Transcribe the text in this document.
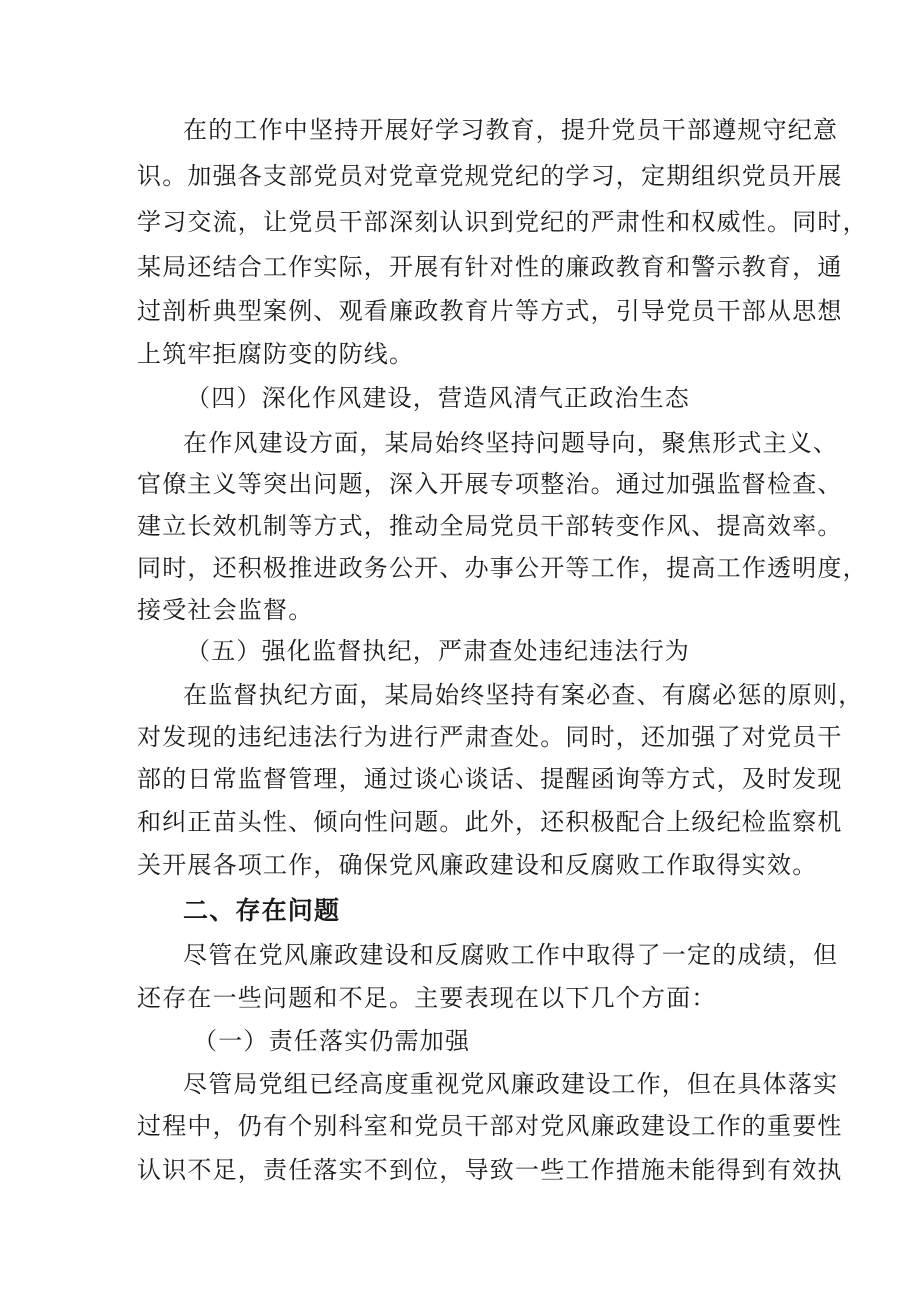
在的工作中坚持开展好学习教育，提升党员干部遵规守纪意
识。加强各支部党员对党章党规党纪的学习，定期组织党员开展
学习交流，让党员干部深刻认识到党纪的严肃性和权威性。同时，
某局还结合工作实际，开展有针对性的廉政教育和警示教育，通
过剖析典型案例、观看廉政教育片等方式，引导党员干部从思想
上筑牢拒腐防变的防线。
（四）深化作风建设，营造风清气正政治生态
在作风建设方面，某局始终坚持问题导向，聚焦形式主义、
官僚主义等突出问题，深入开展专项整治。通过加强监督检查、
建立长效机制等方式，推动全局党员干部转变作风、提高效率。
同时，还积极推进政务公开、办事公开等工作，提高工作透明度，
接受社会监督。
（五）强化监督执纪，严肃查处违纪违法行为
在监督执纪方面，某局始终坚持有案必查、有腐必惩的原则，
对发现的违纪违法行为进行严肃查处。同时，还加强了对党员干
部的日常监督管理，通过谈心谈话、提醒函询等方式，及时发现
和纠正苗头性、倾向性问题。此外，还积极配合上级纪检监察机
关开展各项工作，确保党风廉政建设和反腐败工作取得实效。
二、存在问题
尽管在党风廉政建设和反腐败工作中取得了一定的成绩，但
还存在一些问题和不足。主要表现在以下几个方面：
（一）责任落实仍需加强
尽管局党组已经高度重视党风廉政建设工作，但在具体落实
过程中，仍有个别科室和党员干部对党风廉政建设工作的重要性
认识不足，责任落实不到位，导致一些工作措施未能得到有效执
